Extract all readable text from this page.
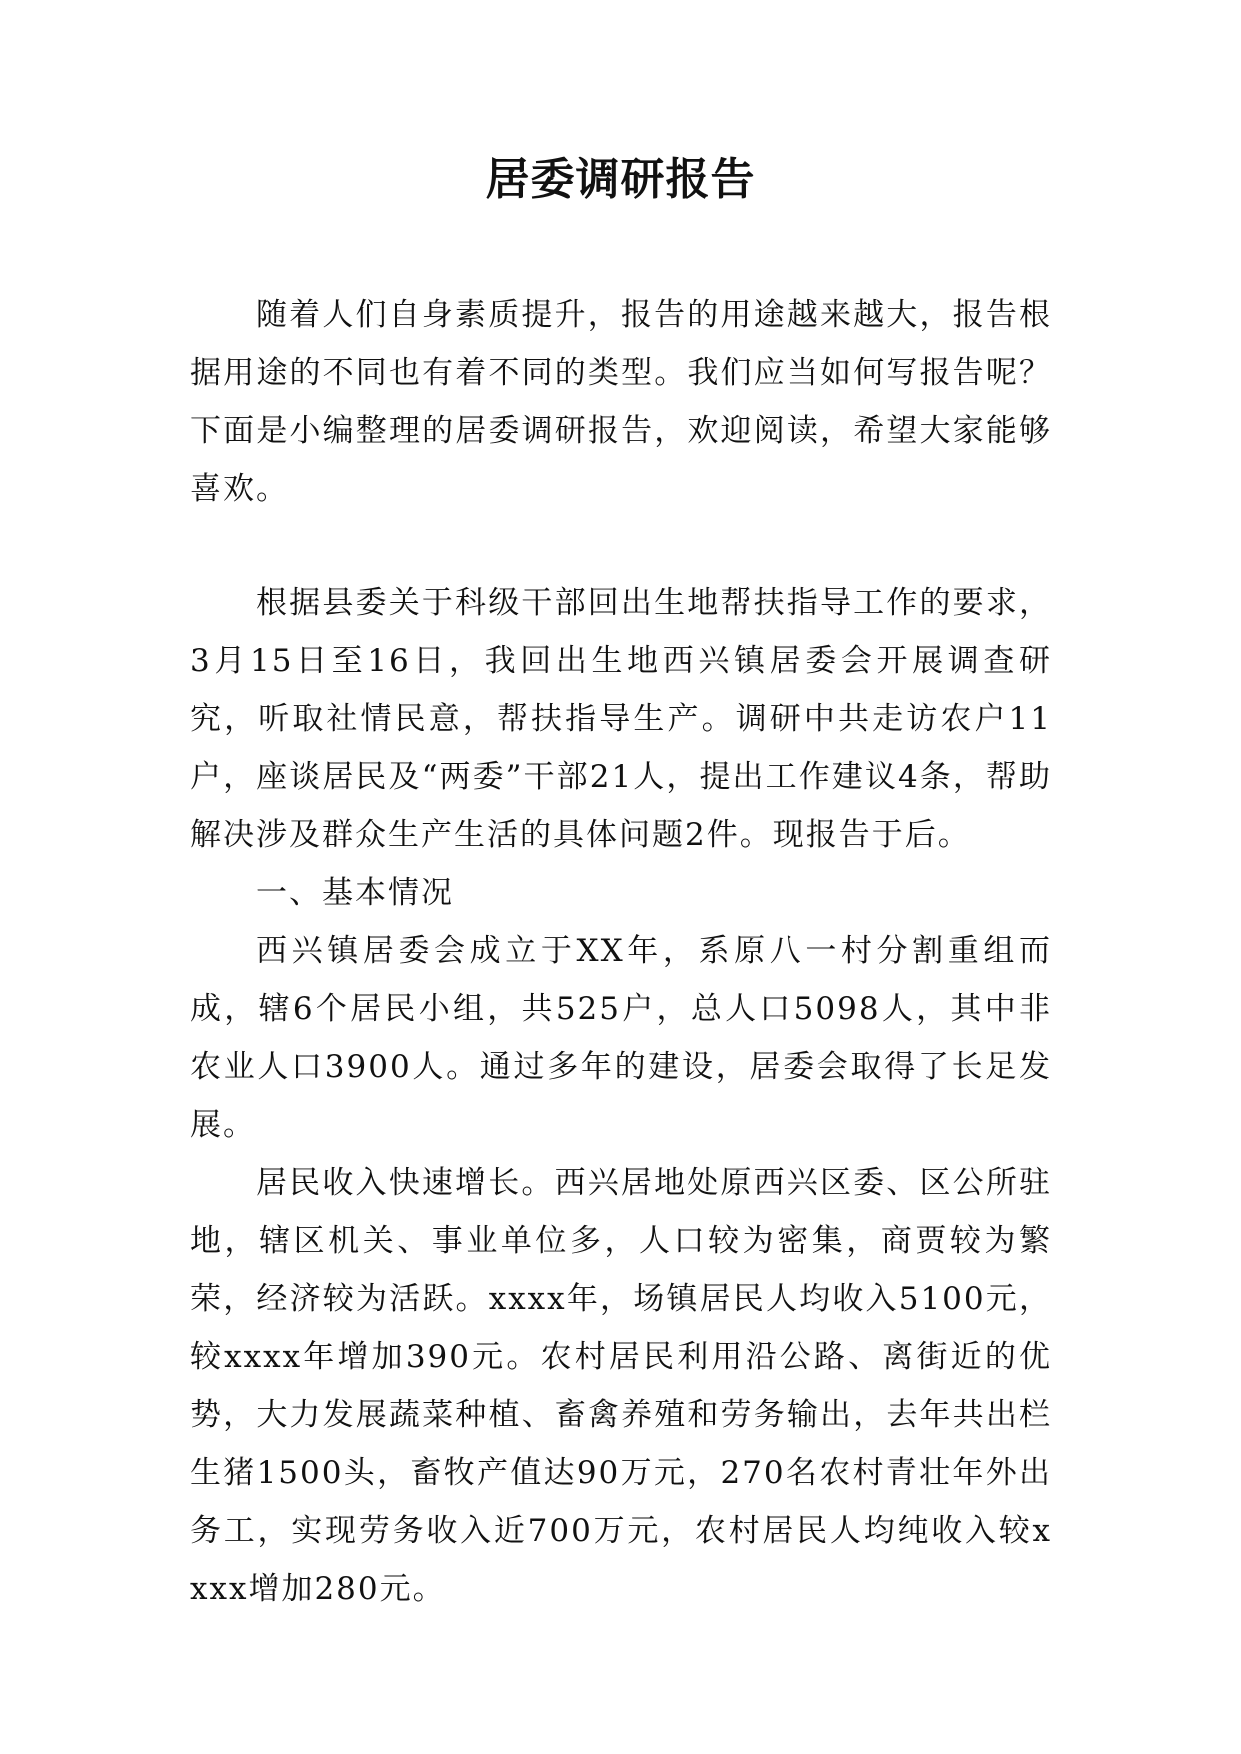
居委调研报告

随着人们自身素质提升，报告的用途越来越大，报告根据用途的不同也有着不同的类型。我们应当如何写报告呢？下面是小编整理的居委调研报告，欢迎阅读，希望大家能够喜欢。

根据县委关于科级干部回出生地帮扶指导工作的要求，3月15日至16日，我回出生地西兴镇居委会开展调查研究，听取社情民意，帮扶指导生产。调研中共走访农户11户，座谈居民及“两委”干部21人，提出工作建议4条，帮助解决涉及群众生产生活的具体问题2件。现报告于后。

一、基本情况

西兴镇居委会成立于XX年，系原八一村分割重组而成，辖6个居民小组，共525户，总人口5098人，其中非农业人口3900人。通过多年的建设，居委会取得了长足发展。

居民收入快速增长。西兴居地处原西兴区委、区公所驻地，辖区机关、事业单位多，人口较为密集，商贾较为繁荣，经济较为活跃。xxxx年，场镇居民人均收入5100元，较xxxx年增加390元。农村居民利用沿公路、离街近的优势，大力发展蔬菜种植、畜禽养殖和劳务输出，去年共出栏生猪1500头，畜牧产值达90万元，270名农村青壮年外出务工，实现劳务收入近700万元，农村居民人均纯收入较xxxx增加280元。
